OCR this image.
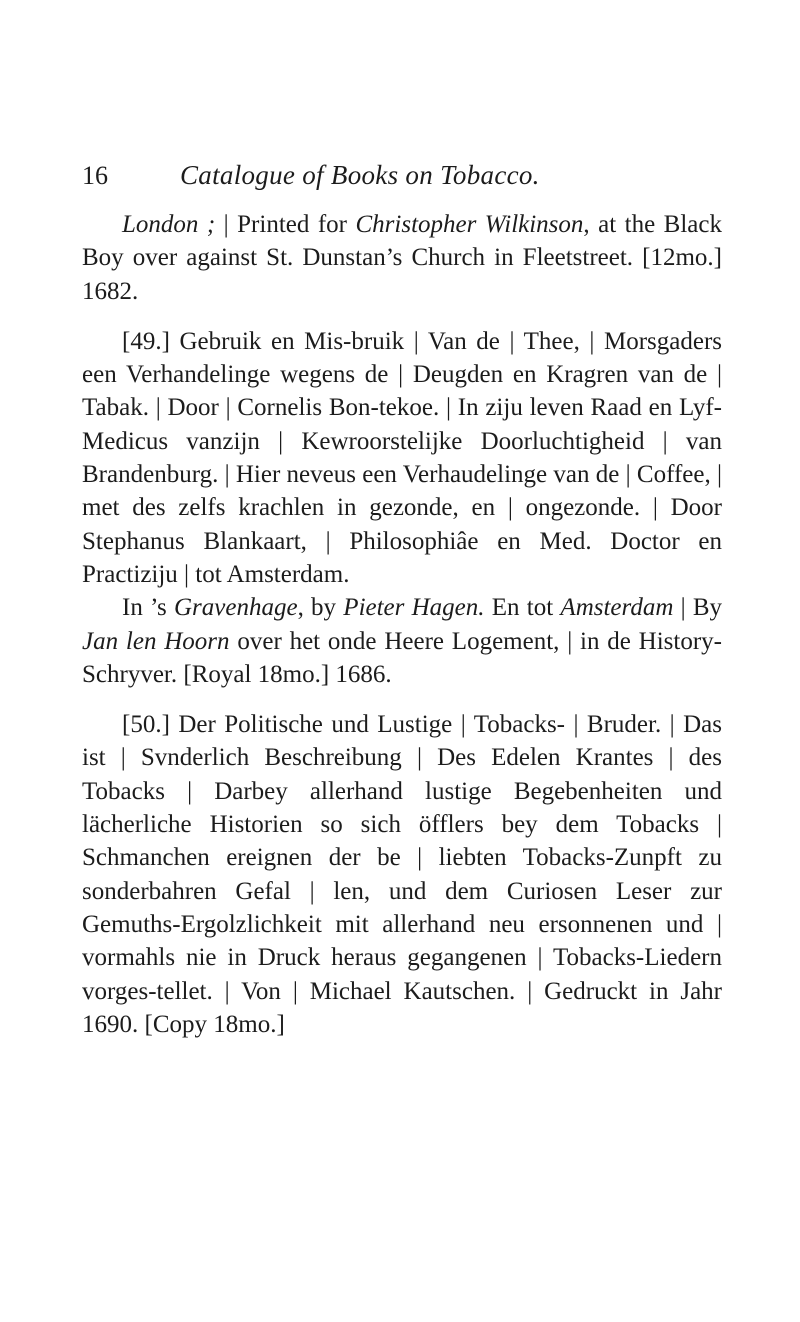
16	Catalogue of Books on Tobacco.

London ; | Printed for Christopher Wilkinson, at the Black Boy over against St. Dunstan’s Church in Fleetstreet. [12mo.] 1682.

[49.] Gebruik en Mis-bruik | Van de | Thee, | Morsgaders een Verhandelinge wegens de | Deugden en Kragren van de | Tabak. | Door | Cornelis Bon-tekoe. | In ziju leven Raad en Lyf-Medicus vanzijn | Kewroorstelijke Doorluchtigheid | van Brandenburg. | Hier neveus een Verhaudelinge van de | Coffee, | met des zelfs krachlen in gezonde, en | ongezonde. | Door Stephanus Blankaart, | Philosophiâe en Med. Doctor en Practiziju | tot Amsterdam.

In ’s Gravenhage, by Pieter Hagen. En tot Amsterdam | By Jan len Hoorn over het onde Heere Logement, | in de History-Schryver. [Royal 18mo.] 1686.

[50.] Der Politische und Lustige | Tobacks- | Bruder. | Das ist | Svnderlich Beschreibung | Des Edelen Krantes | des Tobacks | Darbey allerhand lustige Begebenheiten und lächerliche Historien so sich öfflers bey dem Tobacks | Schmanchen ereignen der be | liebten Tobacks-Zunpft zu sonderbahren Gefal | len, und dem Curiosen Leser zur Gemuths-Ergolzlichkeit mit allerhand neu ersonnenen und | vormahls nie in Druck heraus gegangenen | Tobacks-Liedern vorges-tellet. | Von | Michael Kautschen. | Gedruckt in Jahr 1690. [Copy 18mo.]
